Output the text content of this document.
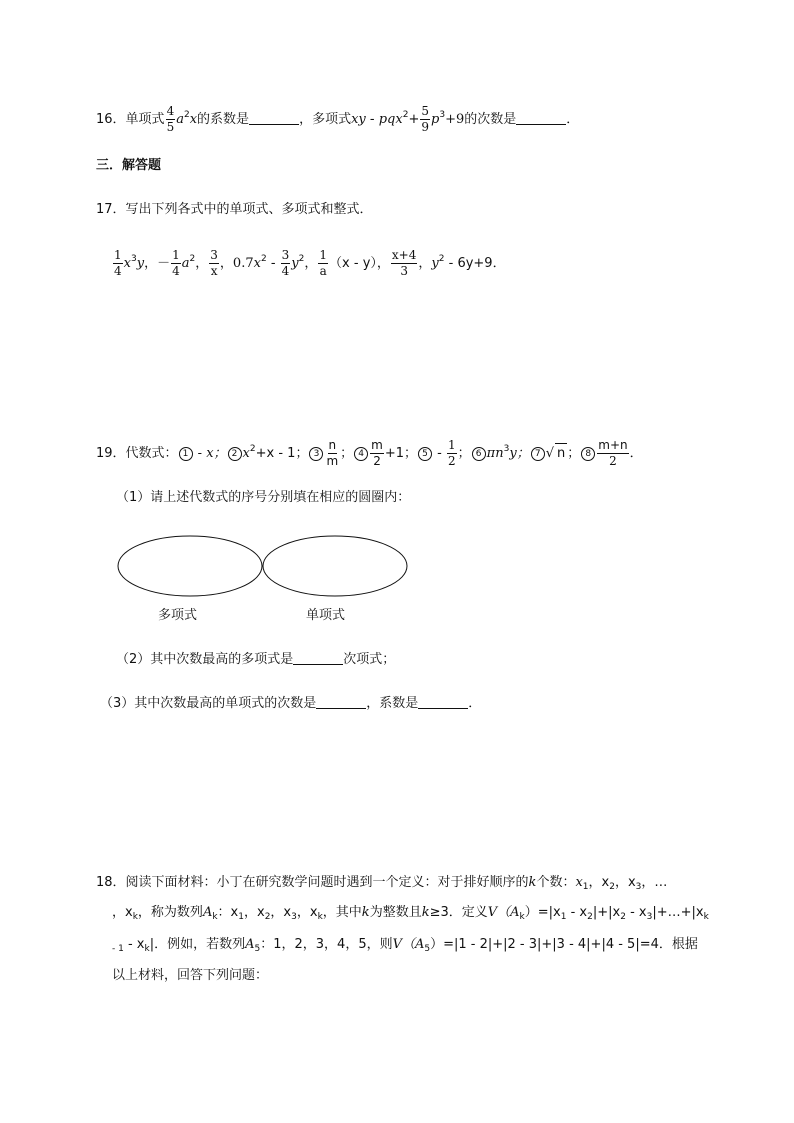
16．单项式 $\frac{4}{5} a^2x$的系数是	，多项式xy - $pqx^2+ \frac{5}{9} p^3+9$的次数是	．
三．解答题
17．写出下列各式中的单项式、多项式和整式．
$\frac{1}{4} x^3y$，－ $\frac{1}{4} a^2$， $\frac{3}{x}$ ，$0.7x^2 - \frac{3}{4} y^2$， $\frac{1}{a} (x - y)$， $\frac{x+4}{3}$ ，$y^2 - 6y+9$．
19．代数式： 1 - x； 2 $x^2+x - 1$； $3 \frac{n}{m}$ ； $4 \frac{m}{2} +1$； $5 - \frac{1}{2}$ ； 6 $\pi n^3y$； 7 √ n ； $8 \frac{m+n}{2}$ ．
（1）请上述代数式的序号分别填在相应的圆圈内：
多项式	单项式
（2）其中次数最高的多项式是	次项式；
（3）其中次数最高的单项式的次数是	，系数是	．
18．阅读下面材料：小丁在研究数学问题时遇到一个定义：对于排好顺序的k个数：$x_1$，$x_2$，$x_3$，…
，$x_k$，称为数列$A_k$：$x_1$，$x_2$，$x_3$，$x_k$，其中k为整数且k≥3．定义$V(A_k)=|x_1 - x_2|+|x_2$ - $x_3|+\dots+|x_k$
$_{- 1} - x_k|$．例如，若数列$A_5$：1，2，3，4，5，则$V(A_5)=|1 - 2|+|2 - 3|+|3 - 4|+|4 - 5|=4$．根据
以上材料，回答下列问题：
